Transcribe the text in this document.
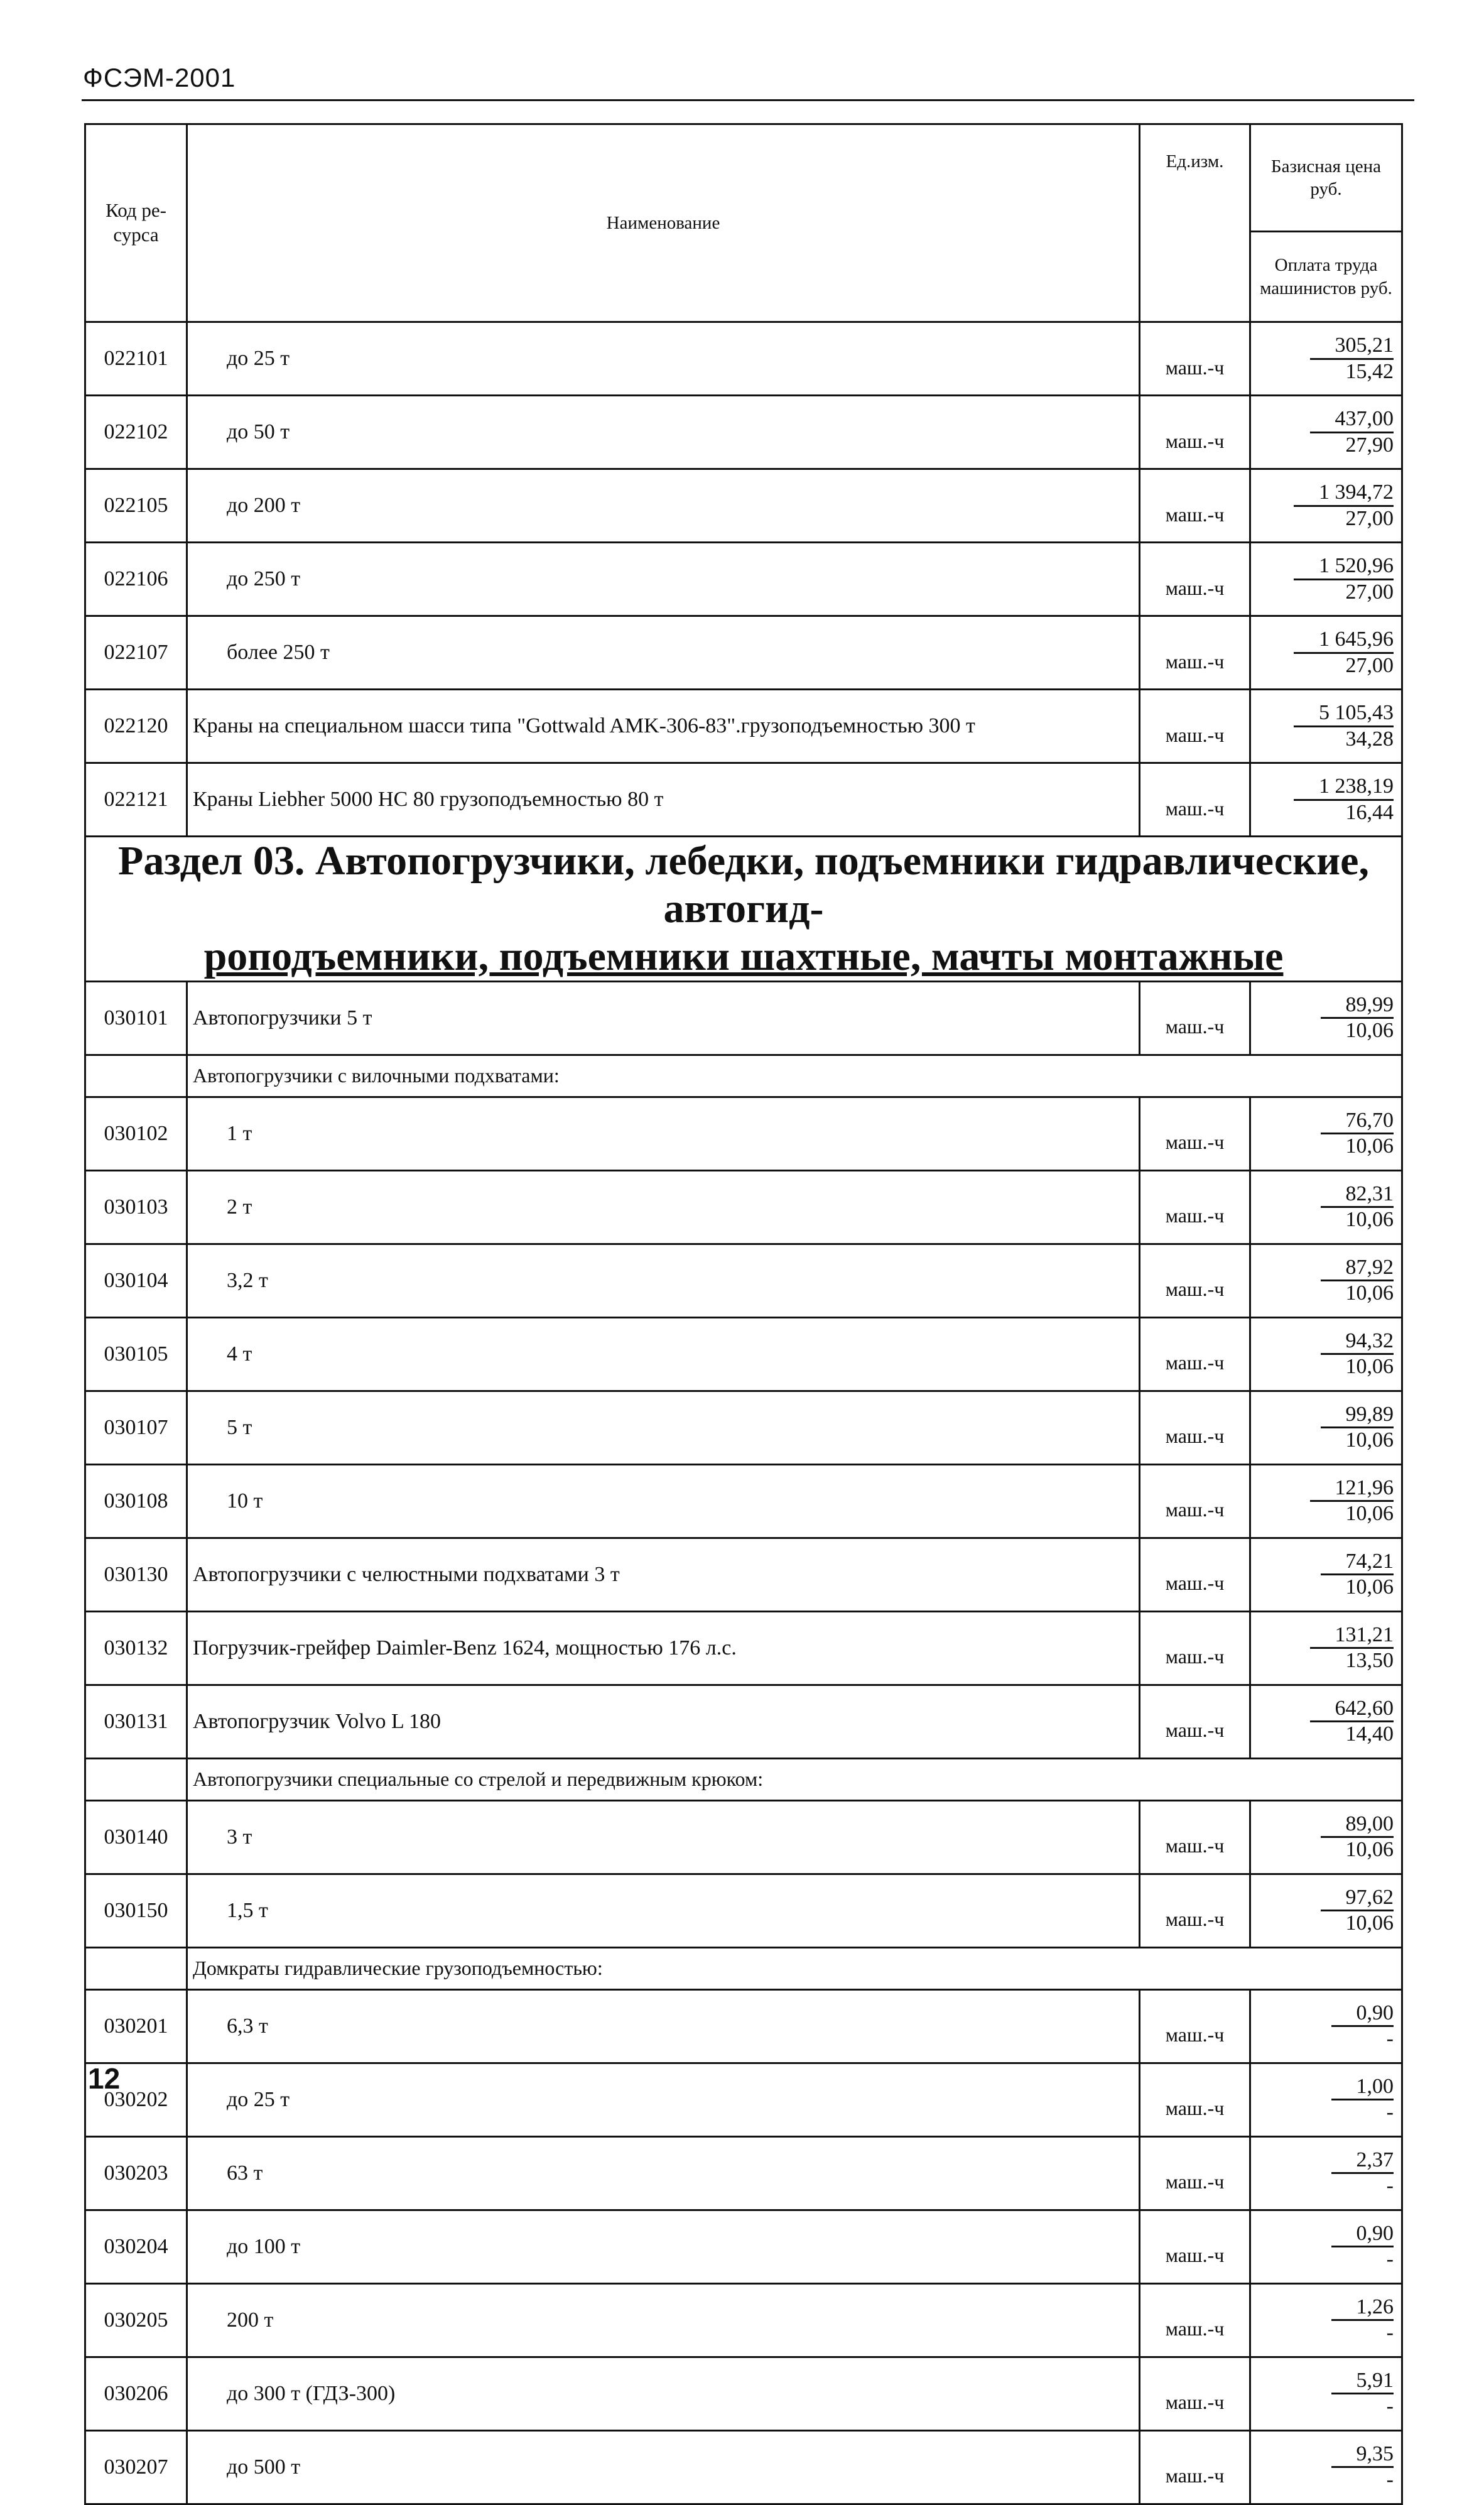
ФСЭМ-2001
Код ре-
сурса	Наименование	Ед.изм.	Базисная цена руб.
			Оплата труда машинистов руб.
022101	до 25 т	маш.-ч	305,21
15,42

022102	до 50 т	маш.-ч	437,00
27,90

022105	до 200 т	маш.-ч	1 394,72
27,00

022106	до 250 т	маш.-ч	1 520,96
27,00

022107	более 250 т	маш.-ч	1 645,96
27,00

022120	Краны на специальном шасси типа "Gottwald AMK-306-83".грузоподъемностью 300 т	маш.-ч	5 105,43
34,28

022121	Краны Liebher 5000 HC 80 грузоподъемностью 80 т	маш.-ч	1 238,19
16,44

Раздел 03. Автопогрузчики, лебедки, подъемники гидравлические, автогид-
роподъемники, подъемники шахтные, мачты монтажные			

030101	Автопогрузчики 5 т	маш.-ч	89,99
10,06

	Автопогрузчики с вилочными подхватами:		
030102	1 т	маш.-ч	76,70
10,06

030103	2 т	маш.-ч	82,31
10,06

030104	3,2 т	маш.-ч	87,92
10,06

030105	4 т	маш.-ч	94,32
10,06

030107	5 т	маш.-ч	99,89
10,06

030108	10 т	маш.-ч	121,96
10,06

030130	Автопогрузчики с челюстными подхватами 3 т	маш.-ч	74,21
10,06

030132	Погрузчик-грейфер Daimler-Benz 1624, мощностью 176 л.с.	маш.-ч	131,21
13,50

030131	Автопогрузчик Volvo L 180	маш.-ч	642,60
14,40

	Автопогрузчики специальные со стрелой и передвижным крюком:		
030140	3 т	маш.-ч	89,00
10,06

030150	1,5 т	маш.-ч	97,62
10,06

	Домкраты гидравлические грузоподъемностью:		
030201	6,3 т	маш.-ч	0,90
-

030202	до 25 т	маш.-ч	1,00
-

030203	63 т	маш.-ч	2,37
-

030204	до 100 т	маш.-ч	0,90
-

030205	200 т	маш.-ч	1,26
-

030206	до 300 т (ГДЗ-300)	маш.-ч	5,91
-

030207	до 500 т	маш.-ч	9,35
-
12
